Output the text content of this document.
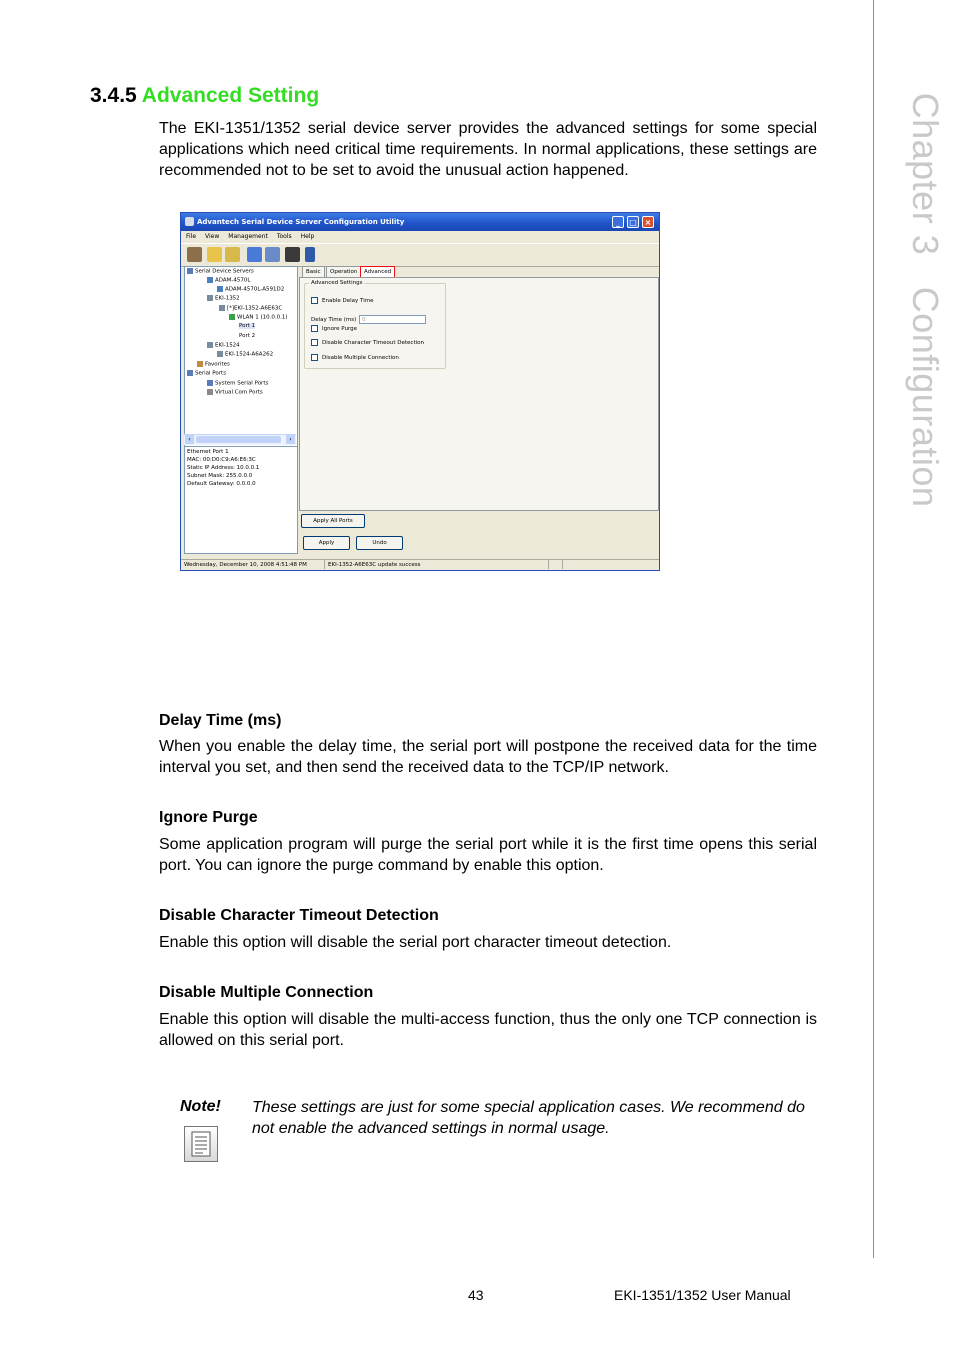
Chapter 3   Configuration
3.4.5 Advanced Setting
The EKI-1351/1352 serial device server provides the advanced settings for some special applications which need critical time requirements. In normal applications, these settings are recommended not to be set to avoid the unusual action happened.
Advantech Serial Device Server Configuration Utility	_	□ ×
File View Management Tools Help
Serial Device Servers
ADAM-4570L
ADAM-4570L-A591D2
EKI-1352
[*]EKI-1352-A6E63C
WLAN 1 (10.0.0.1)
Port 1
Port 2
EKI-1524
EKI-1524-A6A262
Favorites
Serial Ports
System Serial Ports
Virtual Com Ports
‹	›
Ethernet Port 1
MAC: 00:D0:C9:A6:E6:3C
Static IP Address: 10.0.0.1
Subnet Mask: 255.0.0.0
Default Gateway: 0.0.0.0
Basic	Operation	Advanced
Advanced Settings
Enable Delay Time
Delay Time (ms)	0
Ignore Purge
Disable Character Timeout Detection
Disable Multiple Connection
Apply All Ports
Apply	Undo
Wednesday, December 10, 2008 4:51:48 PM	EKI-1352-A6E63C update success
Delay Time (ms)
When you enable the delay time, the serial port will postpone the received data for the time interval you set, and then send the received data to the TCP/IP network.
Ignore Purge
Some application program will purge the serial port while it is the first time opens this serial port. You can ignore the purge command by enable this option.
Disable Character Timeout Detection
Enable this option will disable the serial port character timeout detection.
Disable Multiple Connection
Enable this option will disable the multi-access function, thus the only one TCP connection is allowed on this serial port.
Note! These settings are just for some special application cases. We recommend do not enable the advanced settings in normal usage.
43	EKI-1351/1352 User Manual
